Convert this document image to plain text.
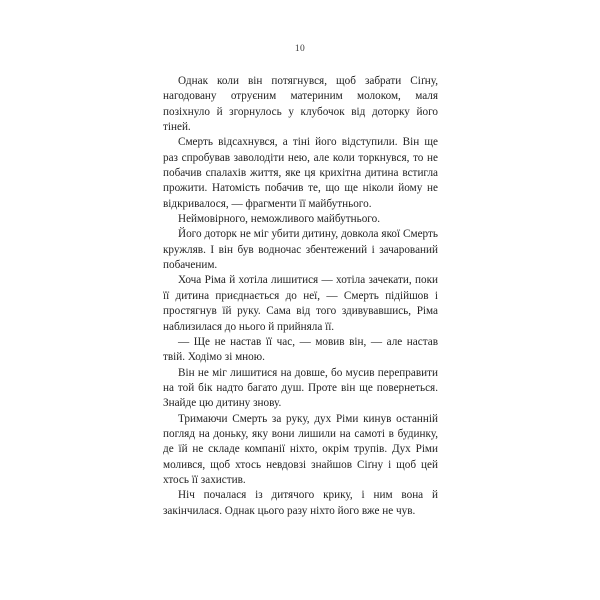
10

Однак коли він потягнувся, щоб забрати Сіґну, нагодовану отруєним материним молоком, маля позіхнуло й згорнулось у клубочок від доторку його тіней.

Смерть відсахнувся, а тіні його відступили. Він ще раз спробував заволодіти нею, але коли торкнувся, то не побачив спалахів життя, яке ця крихітна дитина встигла прожити. Натомість побачив те, що ще ніколи йому не відкривалося, — фрагменти її майбутнього.

Неймовірного, неможливого майбутнього.

Його доторк не міг убити дитину, довкола якої Смерть кружляв. І він був водночас збентежений і зачарований побаченим.

Хоча Ріма й хотіла лишитися — хотіла зачекати, поки її дитина приєднається до неї, — Смерть підійшов і простягнув їй руку. Сама від того здивувавшись, Ріма наблизилася до нього й прийняла її.

— Ще не настав її час, — мовив він, — але настав твій. Ходімо зі мною.

Він не міг лишитися на довше, бо мусив переправити на той бік надто багато душ. Проте він ще повернеться. Знайде цю дитину знову.

Тримаючи Смерть за руку, дух Ріми кинув останній погляд на доньку, яку вони лишили на самоті в будинку, де їй не складе компанії ніхто, окрім трупів. Дух Ріми молився, щоб хтось невдовзі знайшов Сіґну і щоб цей хтось її захистив.

Ніч почалася із дитячого крику, і ним вона й закінчилася. Однак цього разу ніхто його вже не чув.
